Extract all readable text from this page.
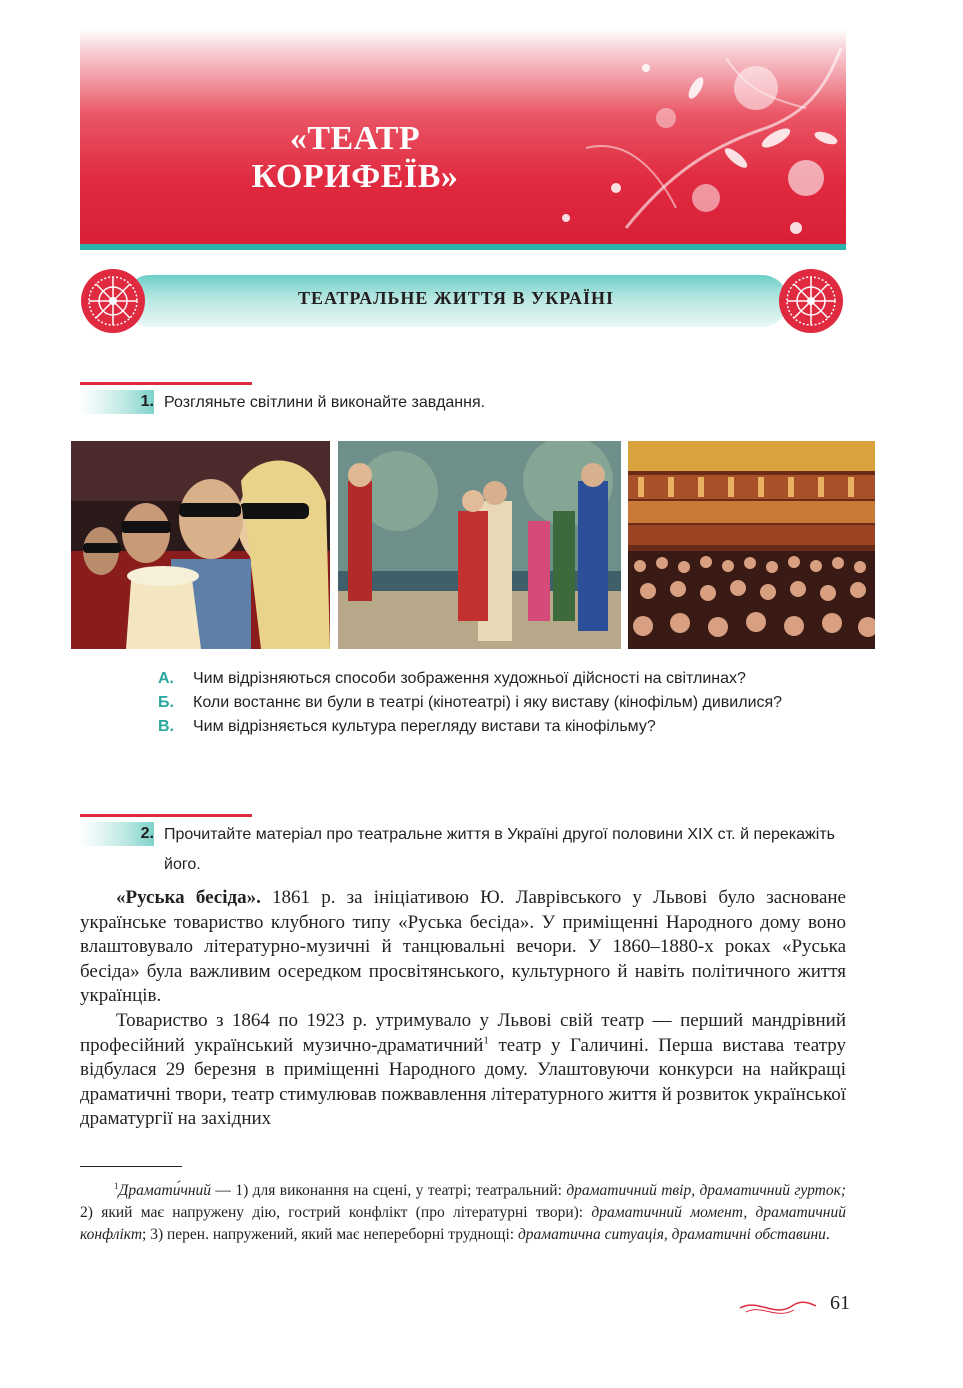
«ТЕАТР
КОРИФЕЇВ»
ТЕАТРАЛЬНЕ ЖИТТЯ В УКРАЇНІ
1. Розгляньте світлини й виконайте завдання.
А. Чим відрізняються способи зображення художньої дійсності на світлинах?
Б. Коли востаннє ви були в театрі (кінотеатрі) і яку виставу (кінофільм) дивилися?
В. Чим відрізняється культура перегляду вистави та кінофільму?
2. Прочитайте матеріал про театральне життя в Україні другої половини XIX ст. й перекажіть його.

«Руська бесіда». 1861 р. за ініціативою Ю. Лаврівського у Львові було засноване українське товариство клубного типу «Руська бесіда». У приміщенні Народного дому воно влаштовувало літературно-музичні й танцювальні вечори. У 1860–1880-х роках «Руська бесіда» була важливим осередком просвітянського, культурного й навіть політичного життя українців.

Товариство з 1864 по 1923 р. утримувало у Львові свій театр — перший мандрівний професійний український музично-драматичний$^1$ театр у Галичині. Перша вистава театру відбулася 29 березня в приміщенні Народного дому. Улаштовуючи конкурси на найкращі драматичні твори, театр стимулював пожвавлення літературного життя й розвиток української драматургії на західних

$^1$Драмати́чний — 1) для виконання на сцені, у театрі; театральний: драматичний твір, драматичний гурток; 2) який має напружену дію, гострий конфлікт (про літературні твори): драматичний момент, драматичний конфлікт; 3) перен. напружений, який має непереборні труднощі: драматична ситуація, драматичні обставини.

61
